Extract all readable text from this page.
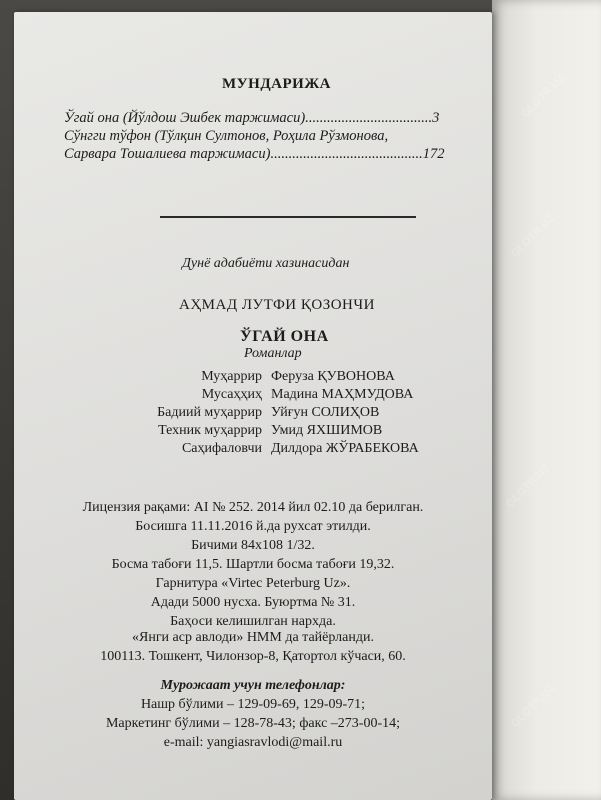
МУНДАРИЖА
Ўгай она (Йўлдош Эшбек таржимаси)...................................3
Сўнгги тўфон (Тўлқин Султонов, Роҳила Рўзмонова,
Сарвара Тошалиева таржимаси)..........................................172
Дунё адабиёти хазинасидан
АҲМАД ЛУТФИ ҚОЗОНЧИ
ЎГАЙ ОНА
Романлар
Муҳаррир Феруза ҚУВОНОВА
Мусаҳҳиҳ Мадина МАҲМУДОВА
Бадиий муҳаррир Уйғун СОЛИҲОВ
Техник муҳаррир Умид ЯХШИМОВ
Саҳифаловчи Дилдора ЖЎРАБЕКОВА
Лицензия рақами: AI № 252. 2014 йил 02.10 да берилган.
Босишга 11.11.2016 й.да рухсат этилди.
Бичими 84х108 1/32.
Босма табоғи 11,5. Шартли босма табоғи 19,32.
Гарнитура «Virtec Peterburg Uz».
Адади 5000 нусха. Буюртма № 31.
Баҳоси келишилган нархда.
«Янги аср авлоди» НММ да тайёрланди.
100113. Тошкент, Чилонзор-8, Қатортол кўчаси, 60.
Мурожаат учун телефонлар:
Нашр бўлими – 129-09-69, 129-09-71;
Маркетинг бўлими – 128-78-43; факс –273-00-14;
e-mail: yangiasravlodi@mail.ru
GLOTR.UZ
GLOTR.UZ
GLOTR.UZ
GLOTR.UZ
